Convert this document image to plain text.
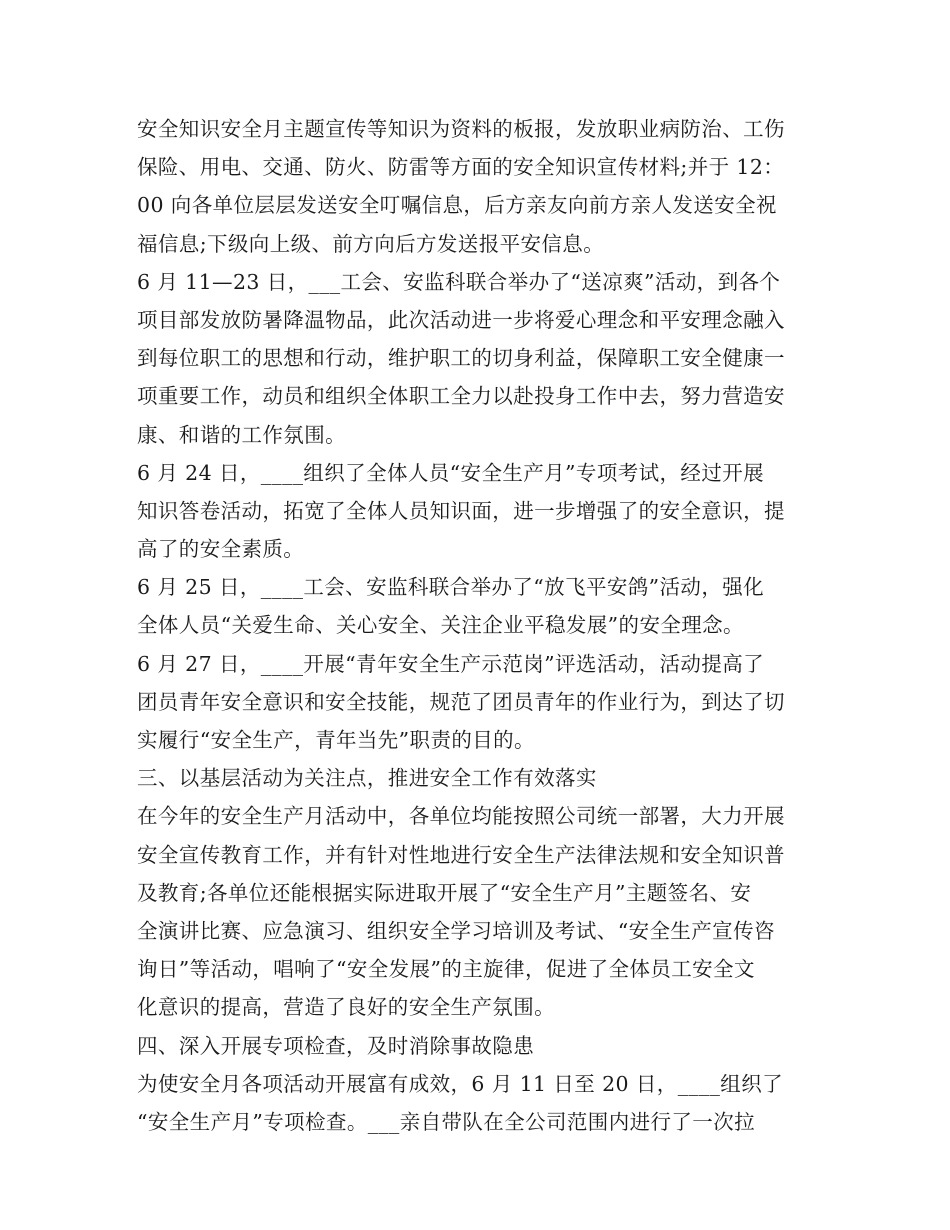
安全知识安全月主题宣传等知识为资料的板报，发放职业病防治、工伤
保险、用电、交通、防火、防雷等方面的安全知识宣传材料;并于 12：
00 向各单位层层发送安全叮嘱信息，后方亲友向前方亲人发送安全祝
福信息;下级向上级、前方向后方发送报平安信息。
6 月 11—23 日，___工会、安监科联合举办了“送凉爽”活动，到各个
项目部发放防暑降温物品，此次活动进一步将爱心理念和平安理念融入
到每位职工的思想和行动，维护职工的切身利益，保障职工安全健康一
项重要工作，动员和组织全体职工全力以赴投身工作中去，努力营造安
康、和谐的工作氛围。
6 月 24 日，____组织了全体人员“安全生产月”专项考试，经过开展
知识答卷活动，拓宽了全体人员知识面，进一步增强了的安全意识，提
高了的安全素质。
6 月 25 日，____工会、安监科联合举办了“放飞平安鸽”活动，强化
全体人员“关爱生命、关心安全、关注企业平稳发展”的安全理念。
6 月 27 日，____开展“青年安全生产示范岗”评选活动，活动提高了
团员青年安全意识和安全技能，规范了团员青年的作业行为，到达了切
实履行“安全生产，青年当先”职责的目的。
三、以基层活动为关注点，推进安全工作有效落实
在今年的安全生产月活动中，各单位均能按照公司统一部署，大力开展
安全宣传教育工作，并有针对性地进行安全生产法律法规和安全知识普
及教育;各单位还能根据实际进取开展了“安全生产月”主题签名、安
全演讲比赛、应急演习、组织安全学习培训及考试、“安全生产宣传咨
询日”等活动，唱响了“安全发展”的主旋律，促进了全体员工安全文
化意识的提高，营造了良好的安全生产氛围。
四、深入开展专项检查，及时消除事故隐患
为使安全月各项活动开展富有成效，6 月 11 日至 20 日，____组织了
“安全生产月”专项检查。___亲自带队在全公司范围内进行了一次拉
